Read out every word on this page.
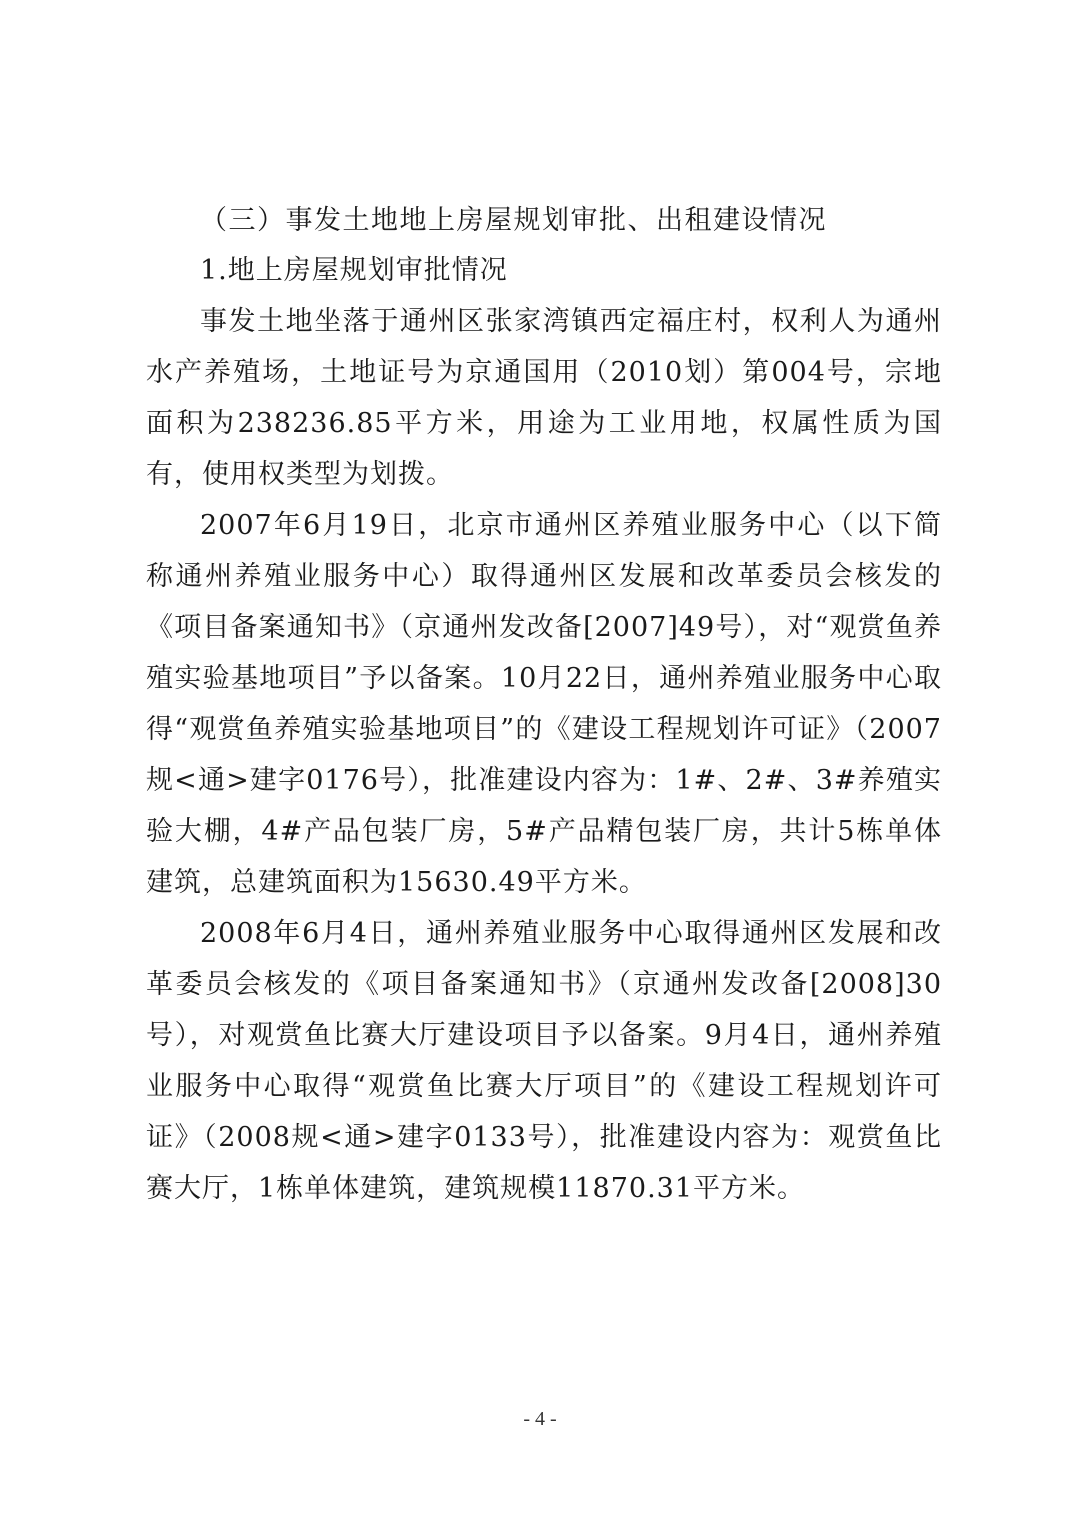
（三）事发土地地上房屋规划审批、出租建设情况
1.地上房屋规划审批情况

事发土地坐落于通州区张家湾镇西定福庄村，权利人为通州水产养殖场，土地证号为京通国用（2010划）第004号，宗地面积为238236.85平方米，用途为工业用地，权属性质为国有，使用权类型为划拨。

2007年6月19日，北京市通州区养殖业服务中心（以下简称通州养殖业服务中心）取得通州区发展和改革委员会核发的《项目备案通知书》（京通州发改备[2007]49号），对“观赏鱼养殖实验基地项目”予以备案。10月22日，通州养殖业服务中心取得“观赏鱼养殖实验基地项目”的《建设工程规划许可证》（2007规<通>建字0176号），批准建设内容为：1#、2#、3#养殖实验大棚，4#产品包装厂房，5#产品精包装厂房，共计5栋单体建筑，总建筑面积为15630.49平方米。

2008年6月4日，通州养殖业服务中心取得通州区发展和改革委员会核发的《项目备案通知书》（京通州发改备[2008]30号），对观赏鱼比赛大厅建设项目予以备案。9月4日，通州养殖业服务中心取得“观赏鱼比赛大厅项目”的《建设工程规划许可证》（2008规<通>建字0133号），批准建设内容为：观赏鱼比赛大厅，1栋单体建筑，建筑规模11870.31平方米。

- 4 -
